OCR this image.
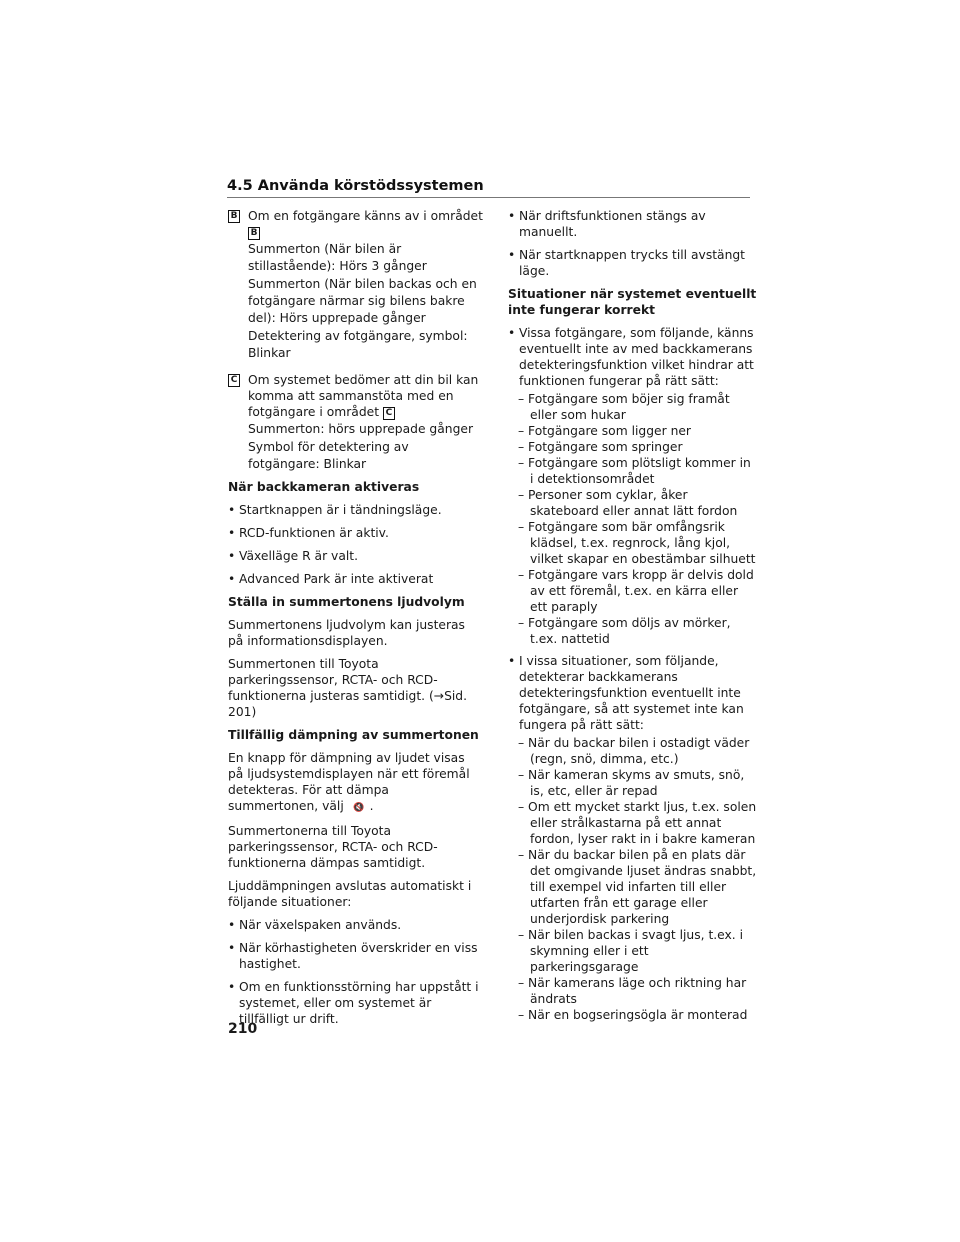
4.5 Använda körstödssystemen
B Om en fotgängare känns av i området
B
Summerton (När bilen är stillastående): Hörs 3 gånger
Summerton (När bilen backas och en fotgängare närmar sig bilens bakre del): Hörs upprepade gånger
Detektering av fotgängare, symbol: Blinkar
C Om systemet bedömer att din bil kan komma att sammanstöta med en fotgängare i området C
Summerton: hörs upprepade gånger
Symbol för detektering av fotgängare: Blinkar

När backkameran aktiveras

• Startknappen är i tändningsläge.

• RCD-funktionen är aktiv.

• Växelläge R är valt.

• Advanced Park är inte aktiverat

Ställa in summertonens ljudvolym

Summertonens ljudvolym kan justeras på informationsdisplayen.

Summertonen till Toyota parkeringssensor, RCTA- och RCD-funktionerna justeras samtidigt. (→Sid. 201)

Tillfällig dämpning av summertonen

En knapp för dämpning av ljudet visas på ljudsystemdisplayen när ett föremål detekteras. För att dämpa summertonen, välj 🔇 .

Summertonerna till Toyota parkeringssensor, RCTA- och RCD-funktionerna dämpas samtidigt.

Ljuddämpningen avslutas automatiskt i följande situationer:

• När växelspaken används.

• När körhastigheten överskrider en viss hastighet.

• Om en funktionsstörning har uppstått i systemet, eller om systemet är tillfälligt ur drift.

• När driftsfunktionen stängs av manuellt.

• När startknappen trycks till avstängt läge.

Situationer när systemet eventuellt inte fungerar korrekt

• Vissa fotgängare, som följande, känns eventuellt inte av med backkamerans detekteringsfunktion vilket hindrar att funktionen fungerar på rätt sätt:

– Fotgängare som böjer sig framåt eller som hukar

– Fotgängare som ligger ner

– Fotgängare som springer

– Fotgängare som plötsligt kommer in i detektionsområdet

– Personer som cyklar, åker skateboard eller annat lätt fordon

– Fotgängare som bär omfångsrik klädsel, t.ex. regnrock, lång kjol, vilket skapar en obestämbar silhuett

– Fotgängare vars kropp är delvis dold av ett föremål, t.ex. en kärra eller ett paraply

– Fotgängare som döljs av mörker, t.ex. nattetid

• I vissa situationer, som följande, detekterar backkamerans detekteringsfunktion eventuellt inte fotgängare, så att systemet inte kan fungera på rätt sätt:

– När du backar bilen i ostadigt väder (regn, snö, dimma, etc.)

– När kameran skyms av smuts, snö, is, etc, eller är repad

– Om ett mycket starkt ljus, t.ex. solen eller strålkastarna på ett annat fordon, lyser rakt in i bakre kameran

– När du backar bilen på en plats där det omgivande ljuset ändras snabbt, till exempel vid infarten till eller utfarten från ett garage eller underjordisk parkering

– När bilen backas i svagt ljus, t.ex. i skymning eller i ett parkeringsgarage

– När kamerans läge och riktning har ändrats

– När en bogseringsögla är monterad

210
